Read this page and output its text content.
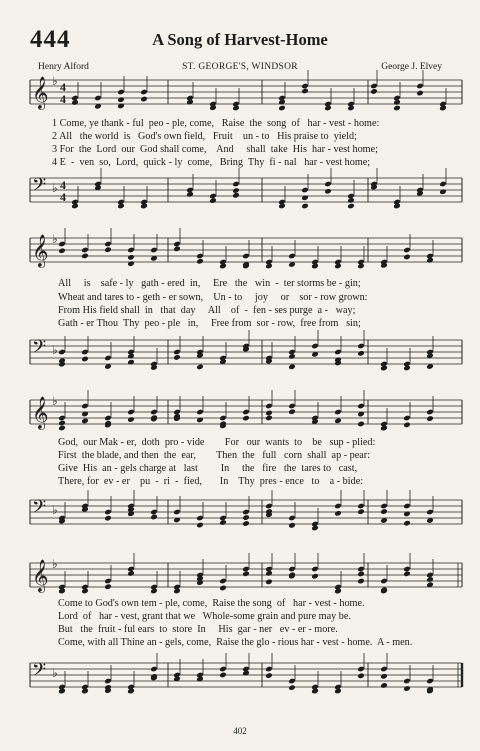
444	A Song of Harvest-Home
Henry Alford	ST. GEORGE'S, WINDSOR	George J. Elvey
𝄞 ♭ 4
4
1 Come, ye thank - ful  peo - ple, come,   Raise  the  song  of   har - vest - home:
2 All   the world  is   God's own field,   Fruit    un - to   His praise to  yield;
3 For  the  Lord  our  God shall come,    And     shall  take  His  har - vest home;
4 E  -  ven  so,  Lord,  quick - ly  come,   Bring  Thy  fi - nal   har - vest home;
𝄢 ♭ 4
4
𝄞 ♭
All     is    safe - ly   gath - ered  in,     Ere   the   win  -  ter storms be - gin;
Wheat and tares to - geth - er sown,    Un - to     joy     or    sor - row grown:
From His field shall  in   that  day     All    of  -  fen - ses purge  a -   way;
Gath - er Thou  Thy  peo - ple   in,     Free from  sor - row,  free from   sin;
𝄢 ♭
𝄞 ♭
God,  our Mak - er,  doth  pro - vide        For   our  wants  to    be   sup - plied:
First  the blade, and then  the  ear,        Then  the   full   corn  shall  ap - pear:
Give  His  an - gels charge at   last         In     the   fire   the  tares to   cast,
There, for  ev - er    pu  -  ri  -  fied,       In    Thy  pres - ence   to    a - bide:
𝄢 ♭
𝄞 ♭
Come to God's own tem - ple, come,  Raise the song  of   har - vest - home.
Lord  of   har - vest, grant that we   Whole-some grain and pure may be.
But   the  fruit - ful ears  to  store  In     His  gar - ner   ev - er - more.
Come, with all Thine an - gels, come,  Raise the glo - rious har - vest - home.  A - men.
𝄢 ♭
402
